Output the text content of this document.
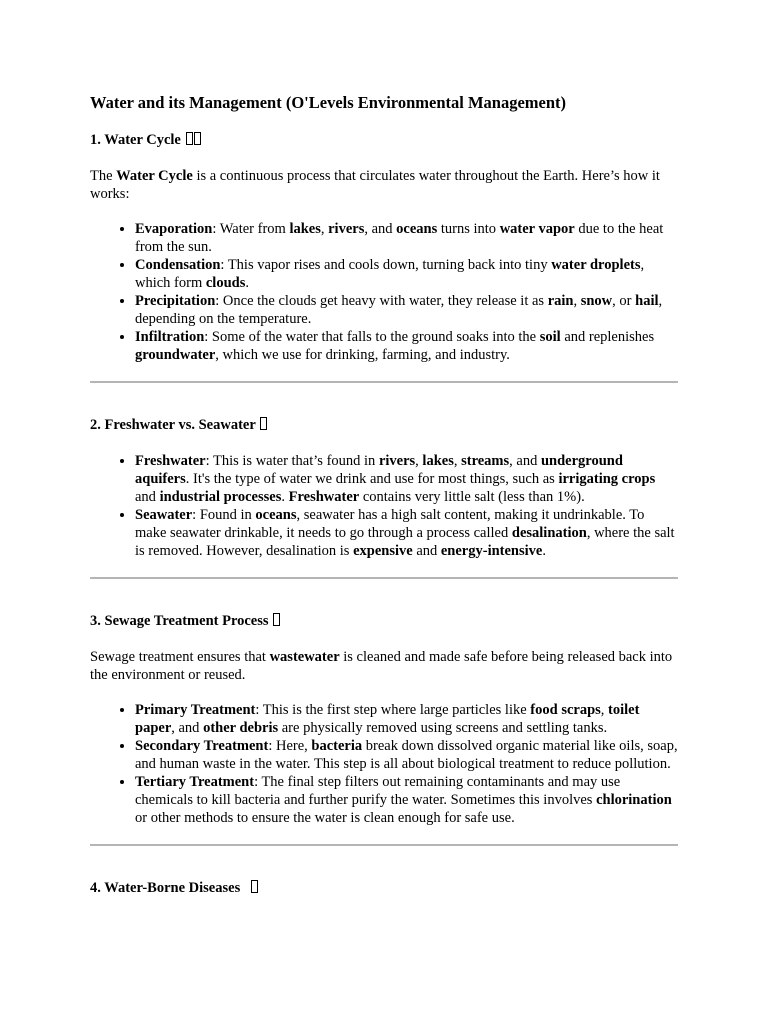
Water and its Management (O'Levels Environmental Management)
1. Water Cycle

The Water Cycle is a continuous process that circulates water throughout the Earth. Here’s how it works:

• Evaporation: Water from lakes, rivers, and oceans turns into water vapor due to the heat from the sun.
• Condensation: This vapor rises and cools down, turning back into tiny water droplets, which form clouds.
• Precipitation: Once the clouds get heavy with water, they release it as rain, snow, or hail, depending on the temperature.
• Infiltration: Some of the water that falls to the ground soaks into the soil and replenishes groundwater, which we use for drinking, farming, and industry.
2. Freshwater vs. Seawater
• Freshwater: This is water that’s found in rivers, lakes, streams, and underground aquifers. It's the type of water we drink and use for most things, such as irrigating crops and industrial processes. Freshwater contains very little salt (less than 1%).
• Seawater: Found in oceans, seawater has a high salt content, making it undrinkable. To make seawater drinkable, it needs to go through a process called desalination, where the salt is removed. However, desalination is expensive and energy-intensive.
3. Sewage Treatment Process

Sewage treatment ensures that wastewater is cleaned and made safe before being released back into the environment or reused.

• Primary Treatment: This is the first step where large particles like food scraps, toilet paper, and other debris are physically removed using screens and settling tanks.
• Secondary Treatment: Here, bacteria break down dissolved organic material like oils, soap, and human waste in the water. This step is all about biological treatment to reduce pollution.
• Tertiary Treatment: The final step filters out remaining contaminants and may use chemicals to kill bacteria and further purify the water. Sometimes this involves chlorination or other methods to ensure the water is clean enough for safe use.
4. Water-Borne Diseases
